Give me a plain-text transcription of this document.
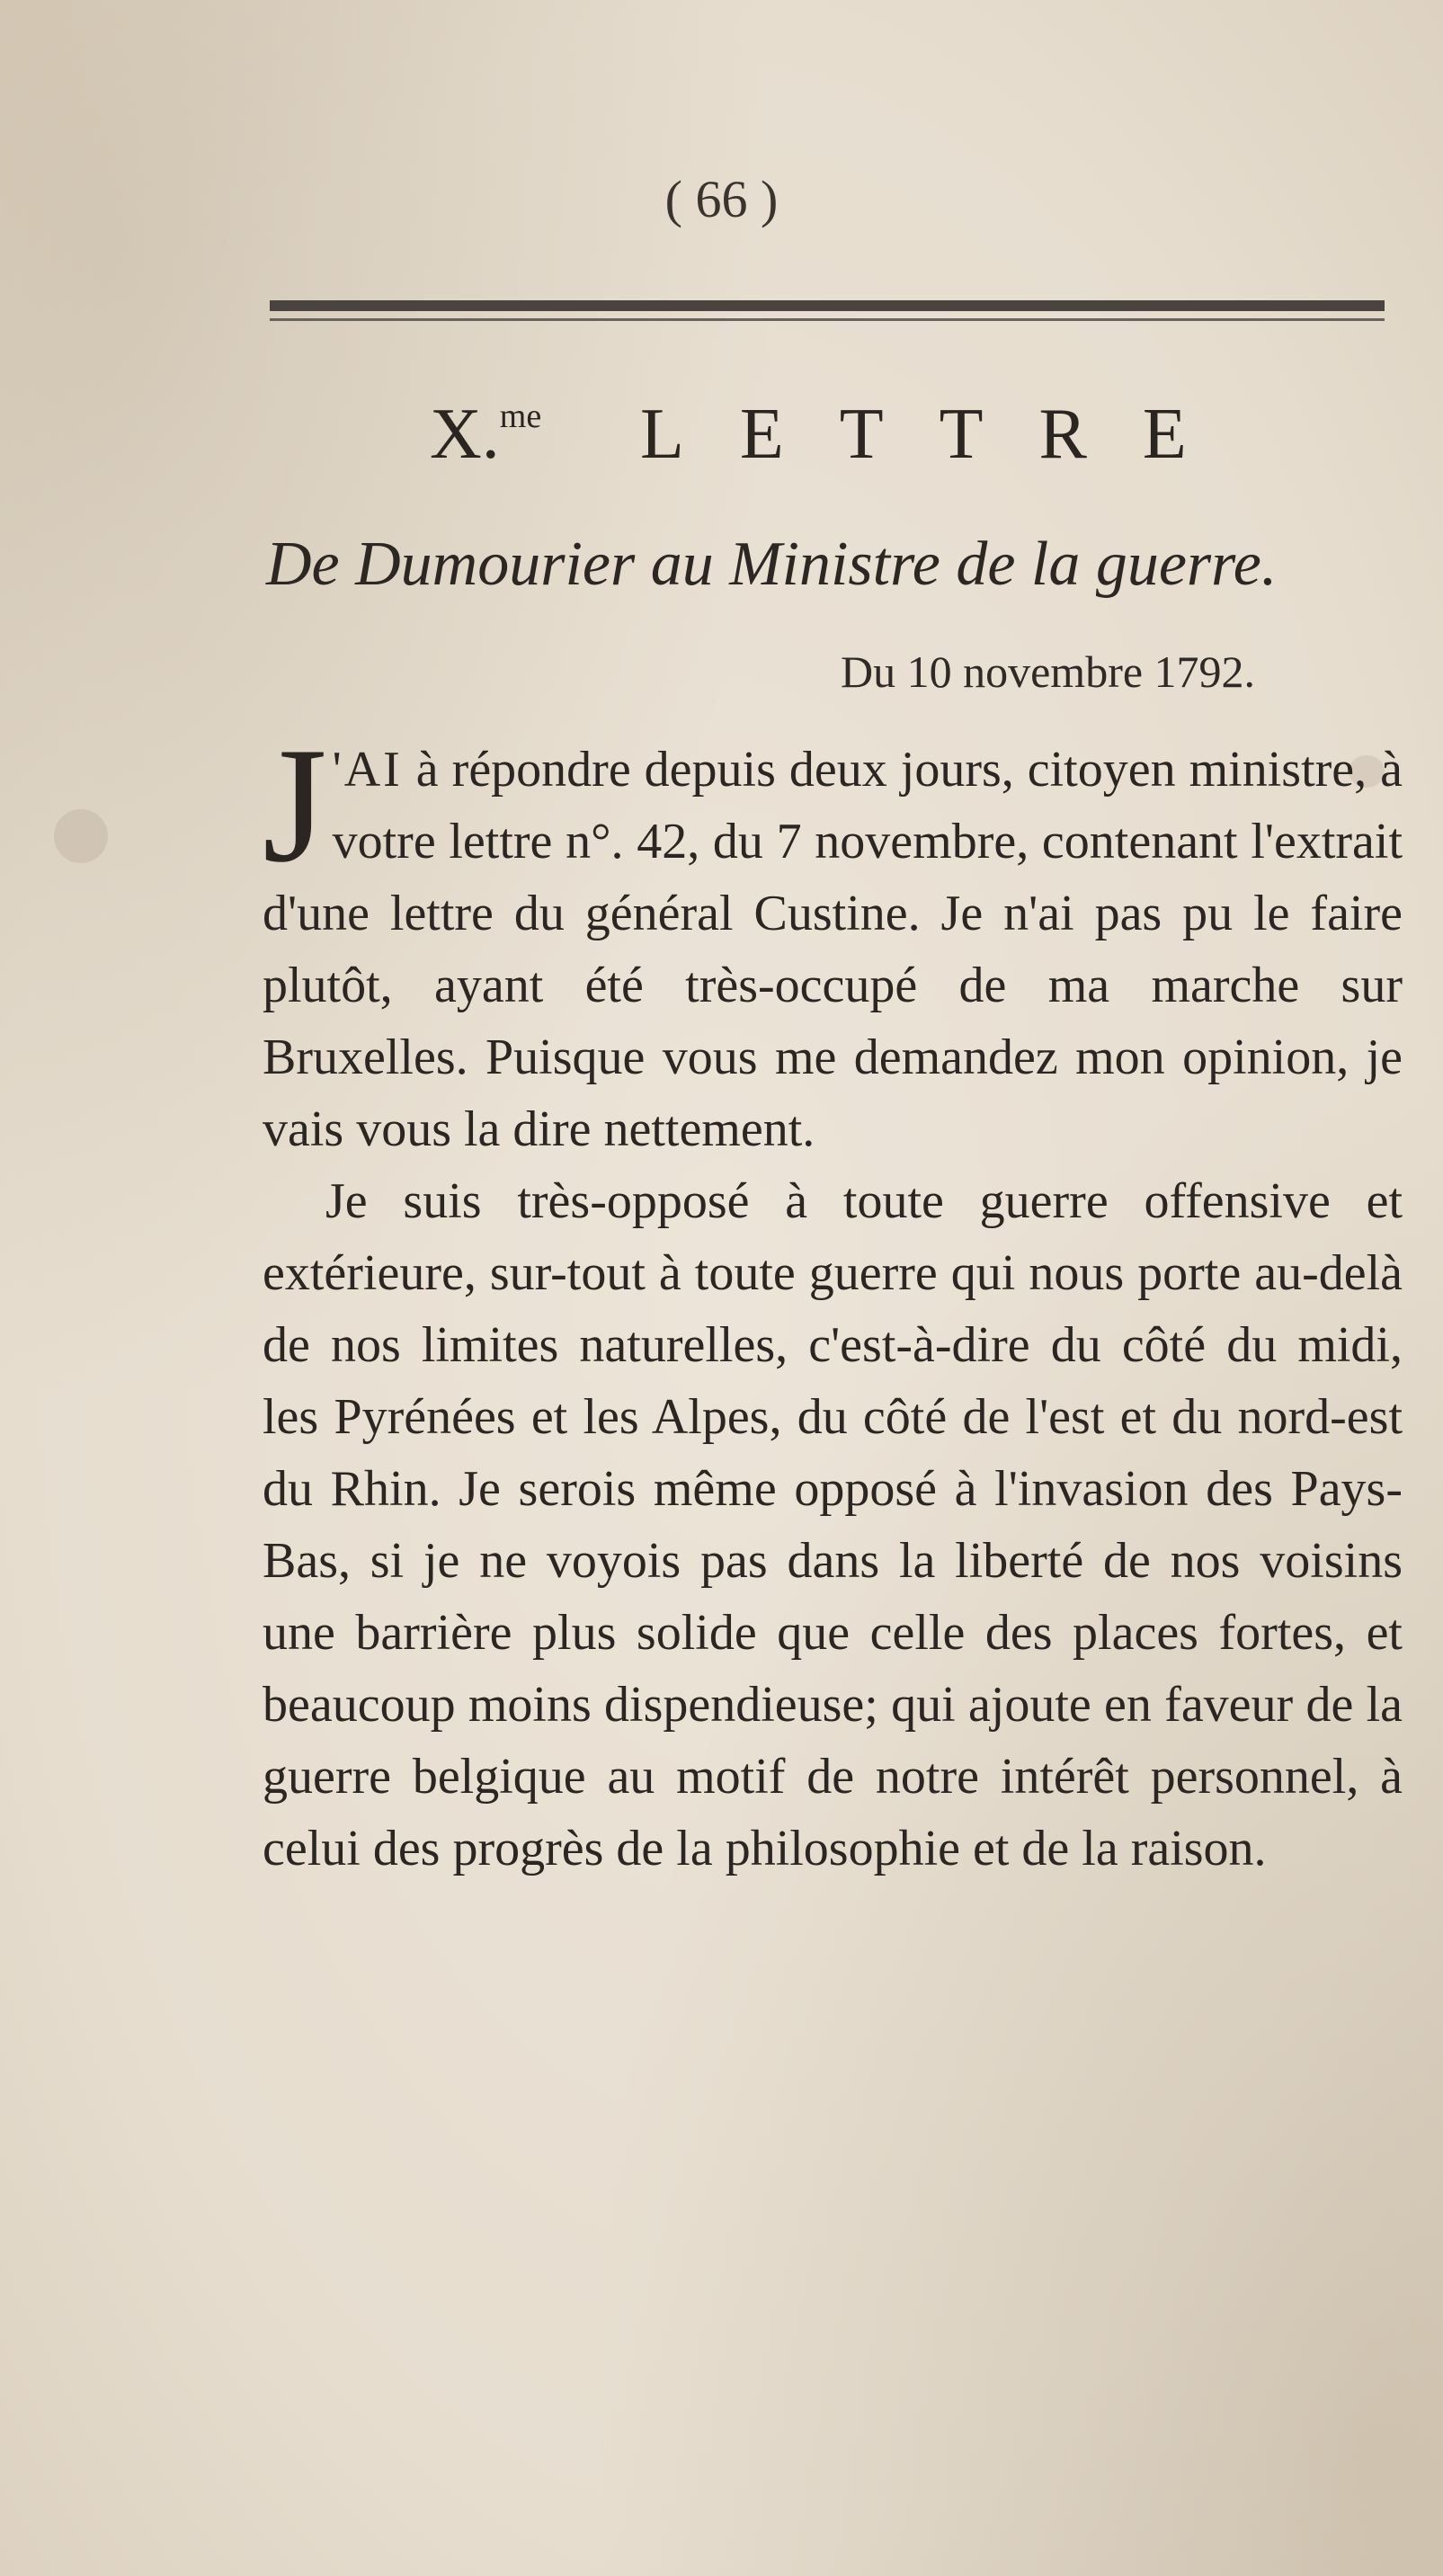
( 66 )
X.$^{me}$ LETTRE
De Dumourier au Ministre de la guerre.
Du 10 novembre 1792.

J 'AI à répondre depuis deux jours, citoyen ministre, à votre lettre n°. 42, du 7 novembre, contenant l'extrait d'une lettre du général Custine. Je n'ai pas pu le faire plutôt, ayant été très-occupé de ma marche sur Bruxelles. Puisque vous me demandez mon opinion, je vais vous la dire nettement.

Je suis très-opposé à toute guerre offensive et extérieure, sur-tout à toute guerre qui nous porte au-delà de nos limites naturelles, c'est-à-dire du côté du midi, les Pyrénées et les Alpes, du côté de l'est et du nord-est du Rhin. Je serois même opposé à l'invasion des Pays-Bas, si je ne voyois pas dans la liberté de nos voisins une barrière plus solide que celle des places fortes, et beaucoup moins dispendieuse; qui ajoute en faveur de la guerre belgique au motif de notre intérêt personnel, à celui des progrès de la philosophie et de la raison.
